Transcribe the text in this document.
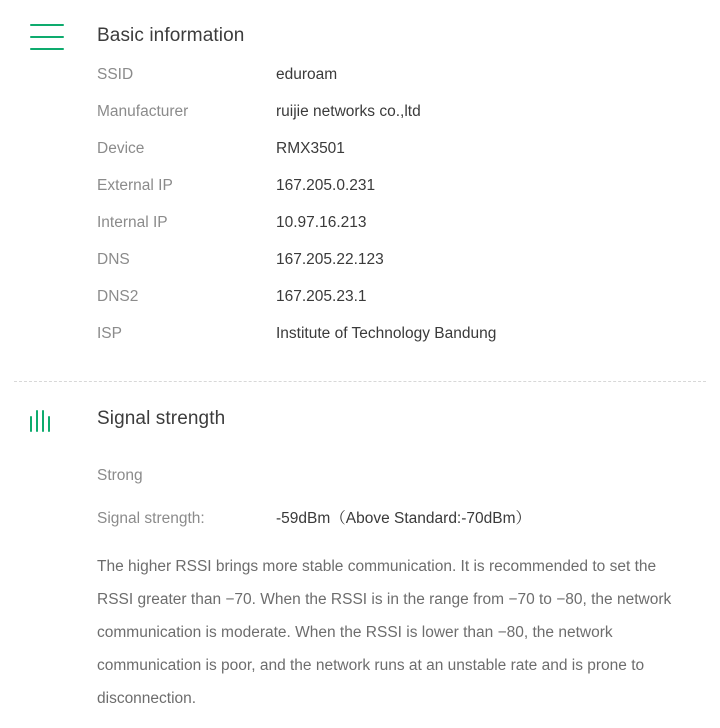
Basic information
SSID	eduroam
Manufacturer	ruijie networks co.,ltd
Device	RMX3501
External IP	167.205.0.231
Internal IP	10.97.16.213
DNS	167.205.22.123
DNS2	167.205.23.1
ISP	Institute of Technology Bandung
Signal strength
Strong
Signal strength:	-59dBm（Above Standard:-70dBm）
The higher RSSI brings more stable communication. It is recommended to set the RSSI greater than −70. When the RSSI is in the range from −70 to −80, the network communication is moderate. When the RSSI is lower than −80, the network communication is poor, and the network runs at an unstable rate and is prone to disconnection.
